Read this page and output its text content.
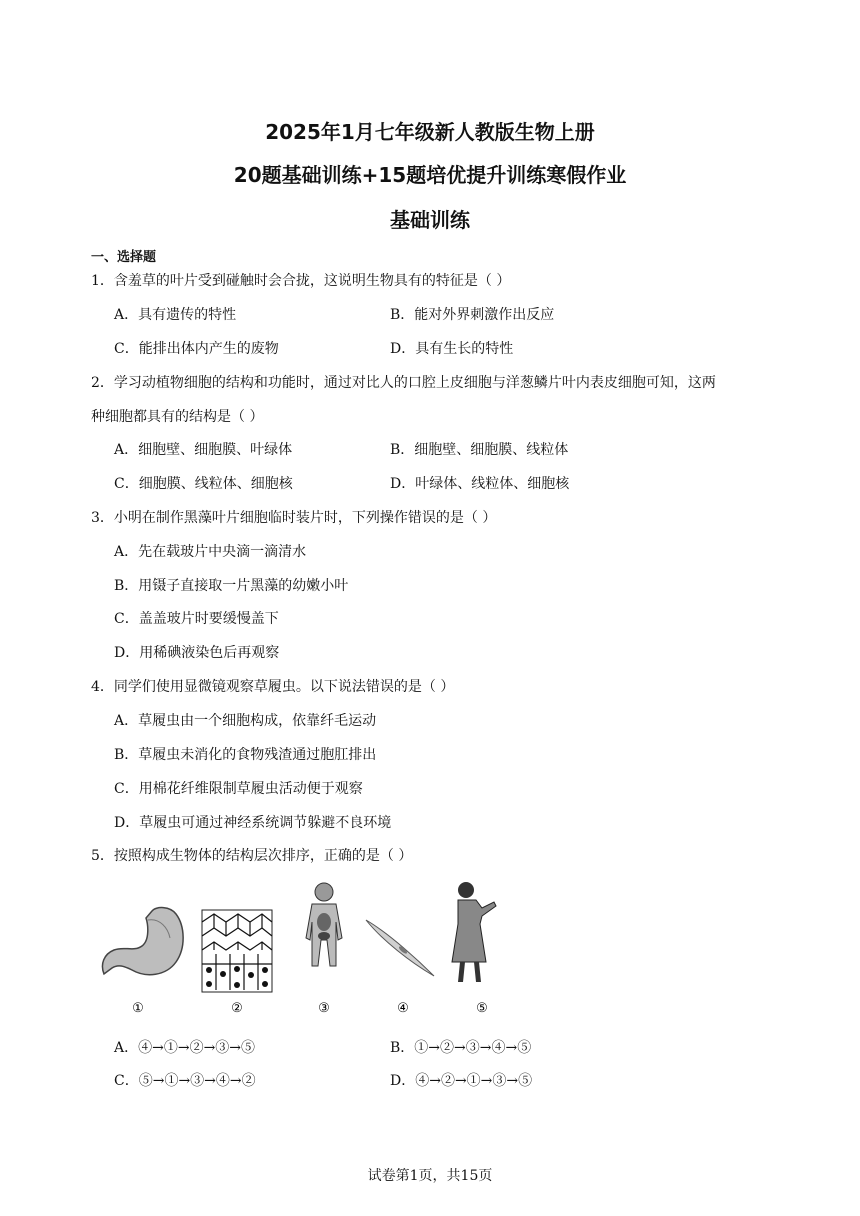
2025年1月七年级新人教版生物上册
20题基础训练+15题培优提升训练寒假作业
基础训练
一、选择题
1．含羞草的叶片受到碰触时会合拢，这说明生物具有的特征是（ ）
A．具有遗传的特性	B．能对外界刺激作出反应
C．能排出体内产生的废物	D．具有生长的特性
2．学习动植物细胞的结构和功能时，通过对比人的口腔上皮细胞与洋葱鳞片叶内表皮细胞可知，这两
种细胞都具有的结构是（ ）
A．细胞壁、细胞膜、叶绿体	B．细胞壁、细胞膜、线粒体
C．细胞膜、线粒体、细胞核	D．叶绿体、线粒体、细胞核
3．小明在制作黑藻叶片细胞临时装片时，下列操作错误的是（ ）
A．先在载玻片中央滴一滴清水
B．用镊子直接取一片黑藻的幼嫩小叶
C．盖盖玻片时要缓慢盖下
D．用稀碘液染色后再观察
4．同学们使用显微镜观察草履虫。以下说法错误的是（ ）
A．草履虫由一个细胞构成，依靠纤毛运动
B．草履虫未消化的食物残渣通过胞肛排出
C．用棉花纤维限制草履虫活动便于观察
D．草履虫可通过神经系统调节躲避不良环境
5．按照构成生物体的结构层次排序，正确的是（ ）
①	②	③	④	⑤
A．④→①→②→③→⑤	B．①→②→③→④→⑤
C．⑤→①→③→④→②	D．④→②→①→③→⑤
试卷第1页，共15页
